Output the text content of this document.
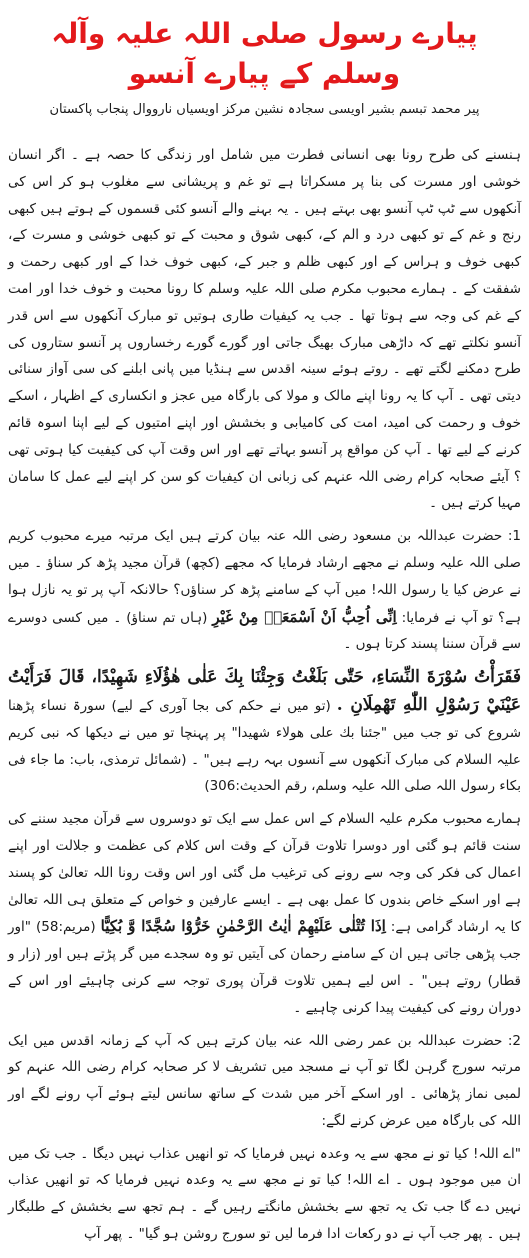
پیارے رسول صلی اللہ علیہ وآلہ وسلم کے پیارے آنسو
پیر محمد تبسم بشیر اویسی سجادہ نشین مرکز اویسیاں نارووال پنجاب پاکستان

ہنسنے کی طرح رونا بھی انسانی فطرت میں شامل اور زندگی کا حصہ ہے ۔ اگر انسان خوشی اور مسرت کی بنا پر مسکراتا ہے تو غم و پریشانی سے مغلوب ہو کر اس کی آنکھوں سے ٹپ ٹپ آنسو بھی بہتے ہیں ۔ یہ بہنے والے آنسو کئی قسموں کے ہوتے ہیں کبھی رنج و غم کے تو کبھی درد و الم کے، کبھی شوق و محبت کے تو کبھی خوشی و مسرت کے، کبھی خوف و ہراس کے اور کبھی ظلم و جبر کے، کبھی خوف خدا کے اور کبھی رحمت و شفقت کے ۔ ہمارے محبوب مکرم صلی اللہ علیہ وسلم کا رونا محبت و خوف خدا اور امت کے غم کی وجہ سے ہوتا تھا ۔ جب یہ کیفیات طاری ہوتیں تو مبارک آنکھوں سے اس قدر آنسو نکلتے تھے کہ داڑھی مبارک بھیگ جاتی اور گورے گورے رخساروں پر آنسو ستاروں کی طرح دمکنے لگتے تھے ۔ روتے ہوئے سینہ اقدس سے ہنڈیا میں پانی ابلنے کی سی آواز سنائی دیتی تھی ۔ آپ کا یہ رونا اپنے مالک و مولا کی بارگاہ میں عجز و انکساری کے اظہار ، اسکے خوف و رحمت کی امید، امت کی کامیابی و بخشش اور اپنے امتیوں کے لیے اپنا اسوہ قائم کرنے کے لیے تھا ۔ آپ کن مواقع پر آنسو بہاتے تھے اور اس وقت آپ کی کیفیت کیا ہوتی تھی ؟ آیئے صحابہ کرام رضی اللہ عنہم کی زبانی ان کیفیات کو سن کر اپنے لیے عمل کا سامان مہیا کرتے ہیں ۔

1: حضرت عبداللہ بن مسعود رضی اللہ عنہ بیان کرتے ہیں ایک مرتبہ میرے محبوب کریم صلی اللہ علیہ وسلم نے مجھے ارشاد فرمایا کہ مجھے (کچھ) قرآن مجید پڑھ کر سناؤ ۔ میں نے عرض کیا یا رسول اللہ! میں آپ کے سامنے پڑھ کر سناؤں؟ حالانکہ آپ پر تو یہ نازل ہوا ہے؟ تو آپ نے فرمایا: اِنِّی اُحِبُّ اَنْ اَسْمَعَہٗ مِنْ غَیْرِ (ہاں تم سناؤ) ۔ میں کسی دوسرے سے قرآن سننا پسند کرتا ہوں ۔

فَقَرَأْتُ سُوْرَةَ النِّسَاءِ، حَتّٰى بَلَغْتُ وَجِئْنَا بِكَ عَلٰى هٰؤُلَاءِ شَهِيْدًا، قَالَ فَرَأَيْتُ عَيْنَيْ رَسُوْلِ اللّٰهِ تَهْمِلَانِ . (تو میں نے حکم کی بجا آوری کے لیے) سورۃ نساء پڑھنا شروع کی تو جب میں "جئنا بك علی هولاء شهيدا" پر پہنچا تو میں نے دیکھا کہ نبی کریم علیہ السلام کی مبارک آنکھوں سے آنسوں بہہ رہے ہیں" ۔ (شمائل ترمذی، باب: ما جاء فی بکاء رسول اللہ صلی اللہ علیہ وسلم، رقم الحدیث:306)

ہمارے محبوب مکرم علیہ السلام کے اس عمل سے ایک تو دوسروں سے قرآن مجید سننے کی سنت قائم ہو گئی اور دوسرا تلاوت قرآن کے وقت اس کلام کی عظمت و جلالت اور اپنے اعمال کی فکر کی وجہ سے رونے کی ترغیب مل گئی اور اس وقت رونا اللہ تعالیٰ کو پسند ہے اور اسکے خاص بندوں کا عمل بھی ہے ۔ ایسے عارفین و خواص کے متعلق ہی اللہ تعالیٰ کا یہ ارشاد گرامی ہے: اِذَا تُتْلٰی عَلَیْھِمْ اٰیٰتُ الرَّحْمٰنِ خَرُّوْا سُجَّدًا وَّ بُکِیًّا (مریم:58) "اور جب پڑھی جاتی ہیں ان کے سامنے رحمان کی آیتیں تو وہ سجدے میں گر پڑتے ہیں اور (زار و قطار) روتے ہیں" ۔ اس لیے ہمیں تلاوت قرآن پوری توجہ سے کرنی چاہیئے اور اس کے دوران رونے کی کیفیت پیدا کرنی چاہیے ۔

2: حضرت عبداللہ بن عمر رضی اللہ عنہ بیان کرتے ہیں کہ آپ کے زمانہ اقدس میں ایک مرتبہ سورج گرہن لگا تو آپ نے مسجد میں تشریف لا کر صحابہ کرام رضی اللہ عنہم کو لمبی نماز پڑھائی ۔ اور اسکے آخر میں شدت کے ساتھ سانس لیتے ہوئے آپ رونے لگے اور اللہ کی بارگاہ میں عرض کرنے لگے:

"اے اللہ! کیا تو نے مجھ سے یہ وعدہ نہیں فرمایا کہ تو انھیں عذاب نہیں دیگا ۔ جب تک میں ان میں موجود ہوں ۔ اے اللہ! کیا تو نے مجھ سے یہ وعدہ نہیں فرمایا کہ تو انھیں عذاب نہیں دے گا جب تک یہ تجھ سے بخشش مانگتے رہیں گے ۔ ہم تجھ سے بخشش کے طلبگار ہیں ۔ پھر جب آپ نے دو رکعات ادا فرما لیں تو سورج روشن ہو گیا" ۔ پھر آپ
